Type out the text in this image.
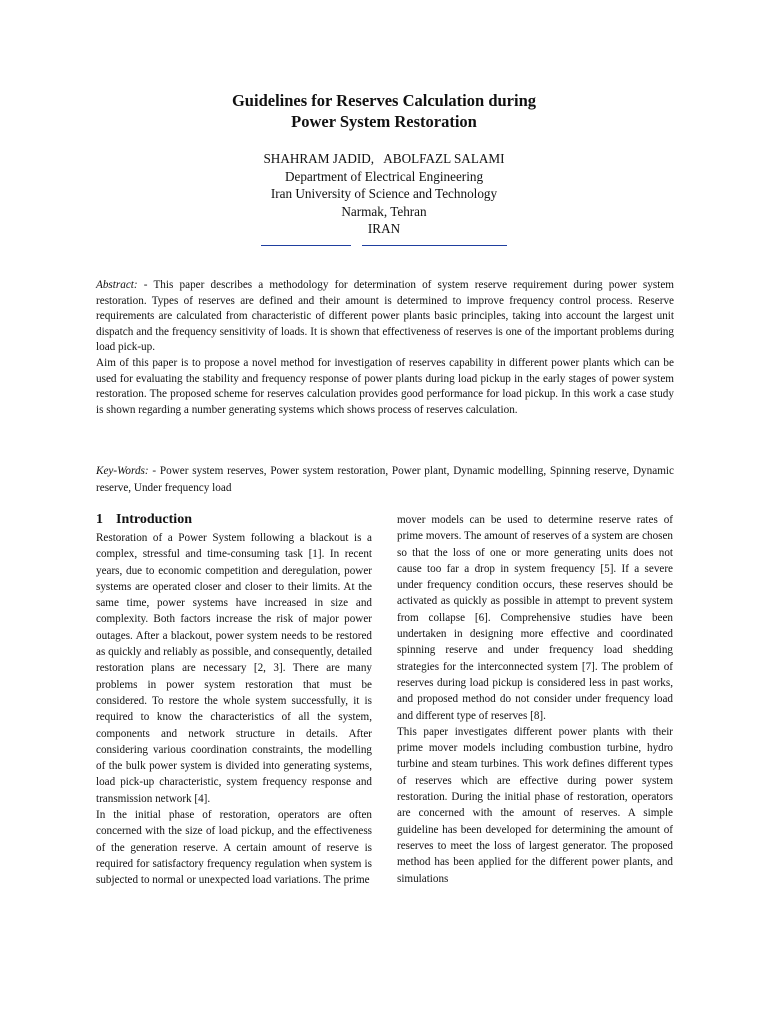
Guidelines for Reserves Calculation during
Power System Restoration
SHAHRAM JADID,   ABOLFAZL SALAMI
Department of Electrical Engineering
Iran University of Science and Technology
Narmak, Tehran
IRAN

Abstract: - This paper describes a methodology for determination of system reserve requirement during power system restoration. Types of reserves are defined and their amount is determined to improve frequency control process. Reserve requirements are calculated from characteristic of different power plants basic principles, taking into account the largest unit dispatch and the frequency sensitivity of loads. It is shown that effectiveness of reserves is one of the important problems during load pick-up.

Aim of this paper is to propose a novel method for investigation of reserves capability in different power plants which can be used for evaluating the stability and frequency response of power plants during load pickup in the early stages of power system restoration. The proposed scheme for reserves calculation provides good performance for load pickup. In this work a case study is shown regarding a number generating systems which shows process of reserves calculation.

Key-Words: - Power system reserves, Power system restoration, Power plant, Dynamic modelling, Spinning reserve, Dynamic reserve, Under frequency load
1 Introduction

Restoration of a Power System following a blackout is a complex, stressful and time-consuming task [1]. In recent years, due to economic competition and deregulation, power systems are operated closer and closer to their limits. At the same time, power systems have increased in size and complexity. Both factors increase the risk of major power outages. After a blackout, power system needs to be restored as quickly and reliably as possible, and consequently, detailed restoration plans are necessary [2, 3]. There are many problems in power system restoration that must be considered. To restore the whole system successfully, it is required to know the characteristics of all the system, components and network structure in details. After considering various coordination constraints, the modelling of the bulk power system is divided into generating systems, load pick-up characteristic, system frequency response and transmission network [4].

In the initial phase of restoration, operators are often concerned with the size of load pickup, and the effectiveness of the generation reserve. A certain amount of reserve is required for satisfactory frequency regulation when system is subjected to normal or unexpected load variations. The prime

mover models can be used to determine reserve rates of prime movers. The amount of reserves of a system are chosen so that the loss of one or more generating units does not cause too far a drop in system frequency [5]. If a severe under frequency condition occurs, these reserves should be activated as quickly as possible in attempt to prevent system from collapse [6]. Comprehensive studies have been undertaken in designing more effective and coordinated spinning reserve and under frequency load shedding strategies for the interconnected system [7]. The problem of reserves during load pickup is considered less in past works, and proposed method do not consider under frequency load and different type of reserves [8].

This paper investigates different power plants with their prime mover models including combustion turbine, hydro turbine and steam turbines. This work defines different types of reserves which are effective during power system restoration. During the initial phase of restoration, operators are concerned with the amount of reserves. A simple guideline has been developed for determining the amount of reserves to meet the loss of largest generator. The proposed method has been applied for the different power plants, and simulations
